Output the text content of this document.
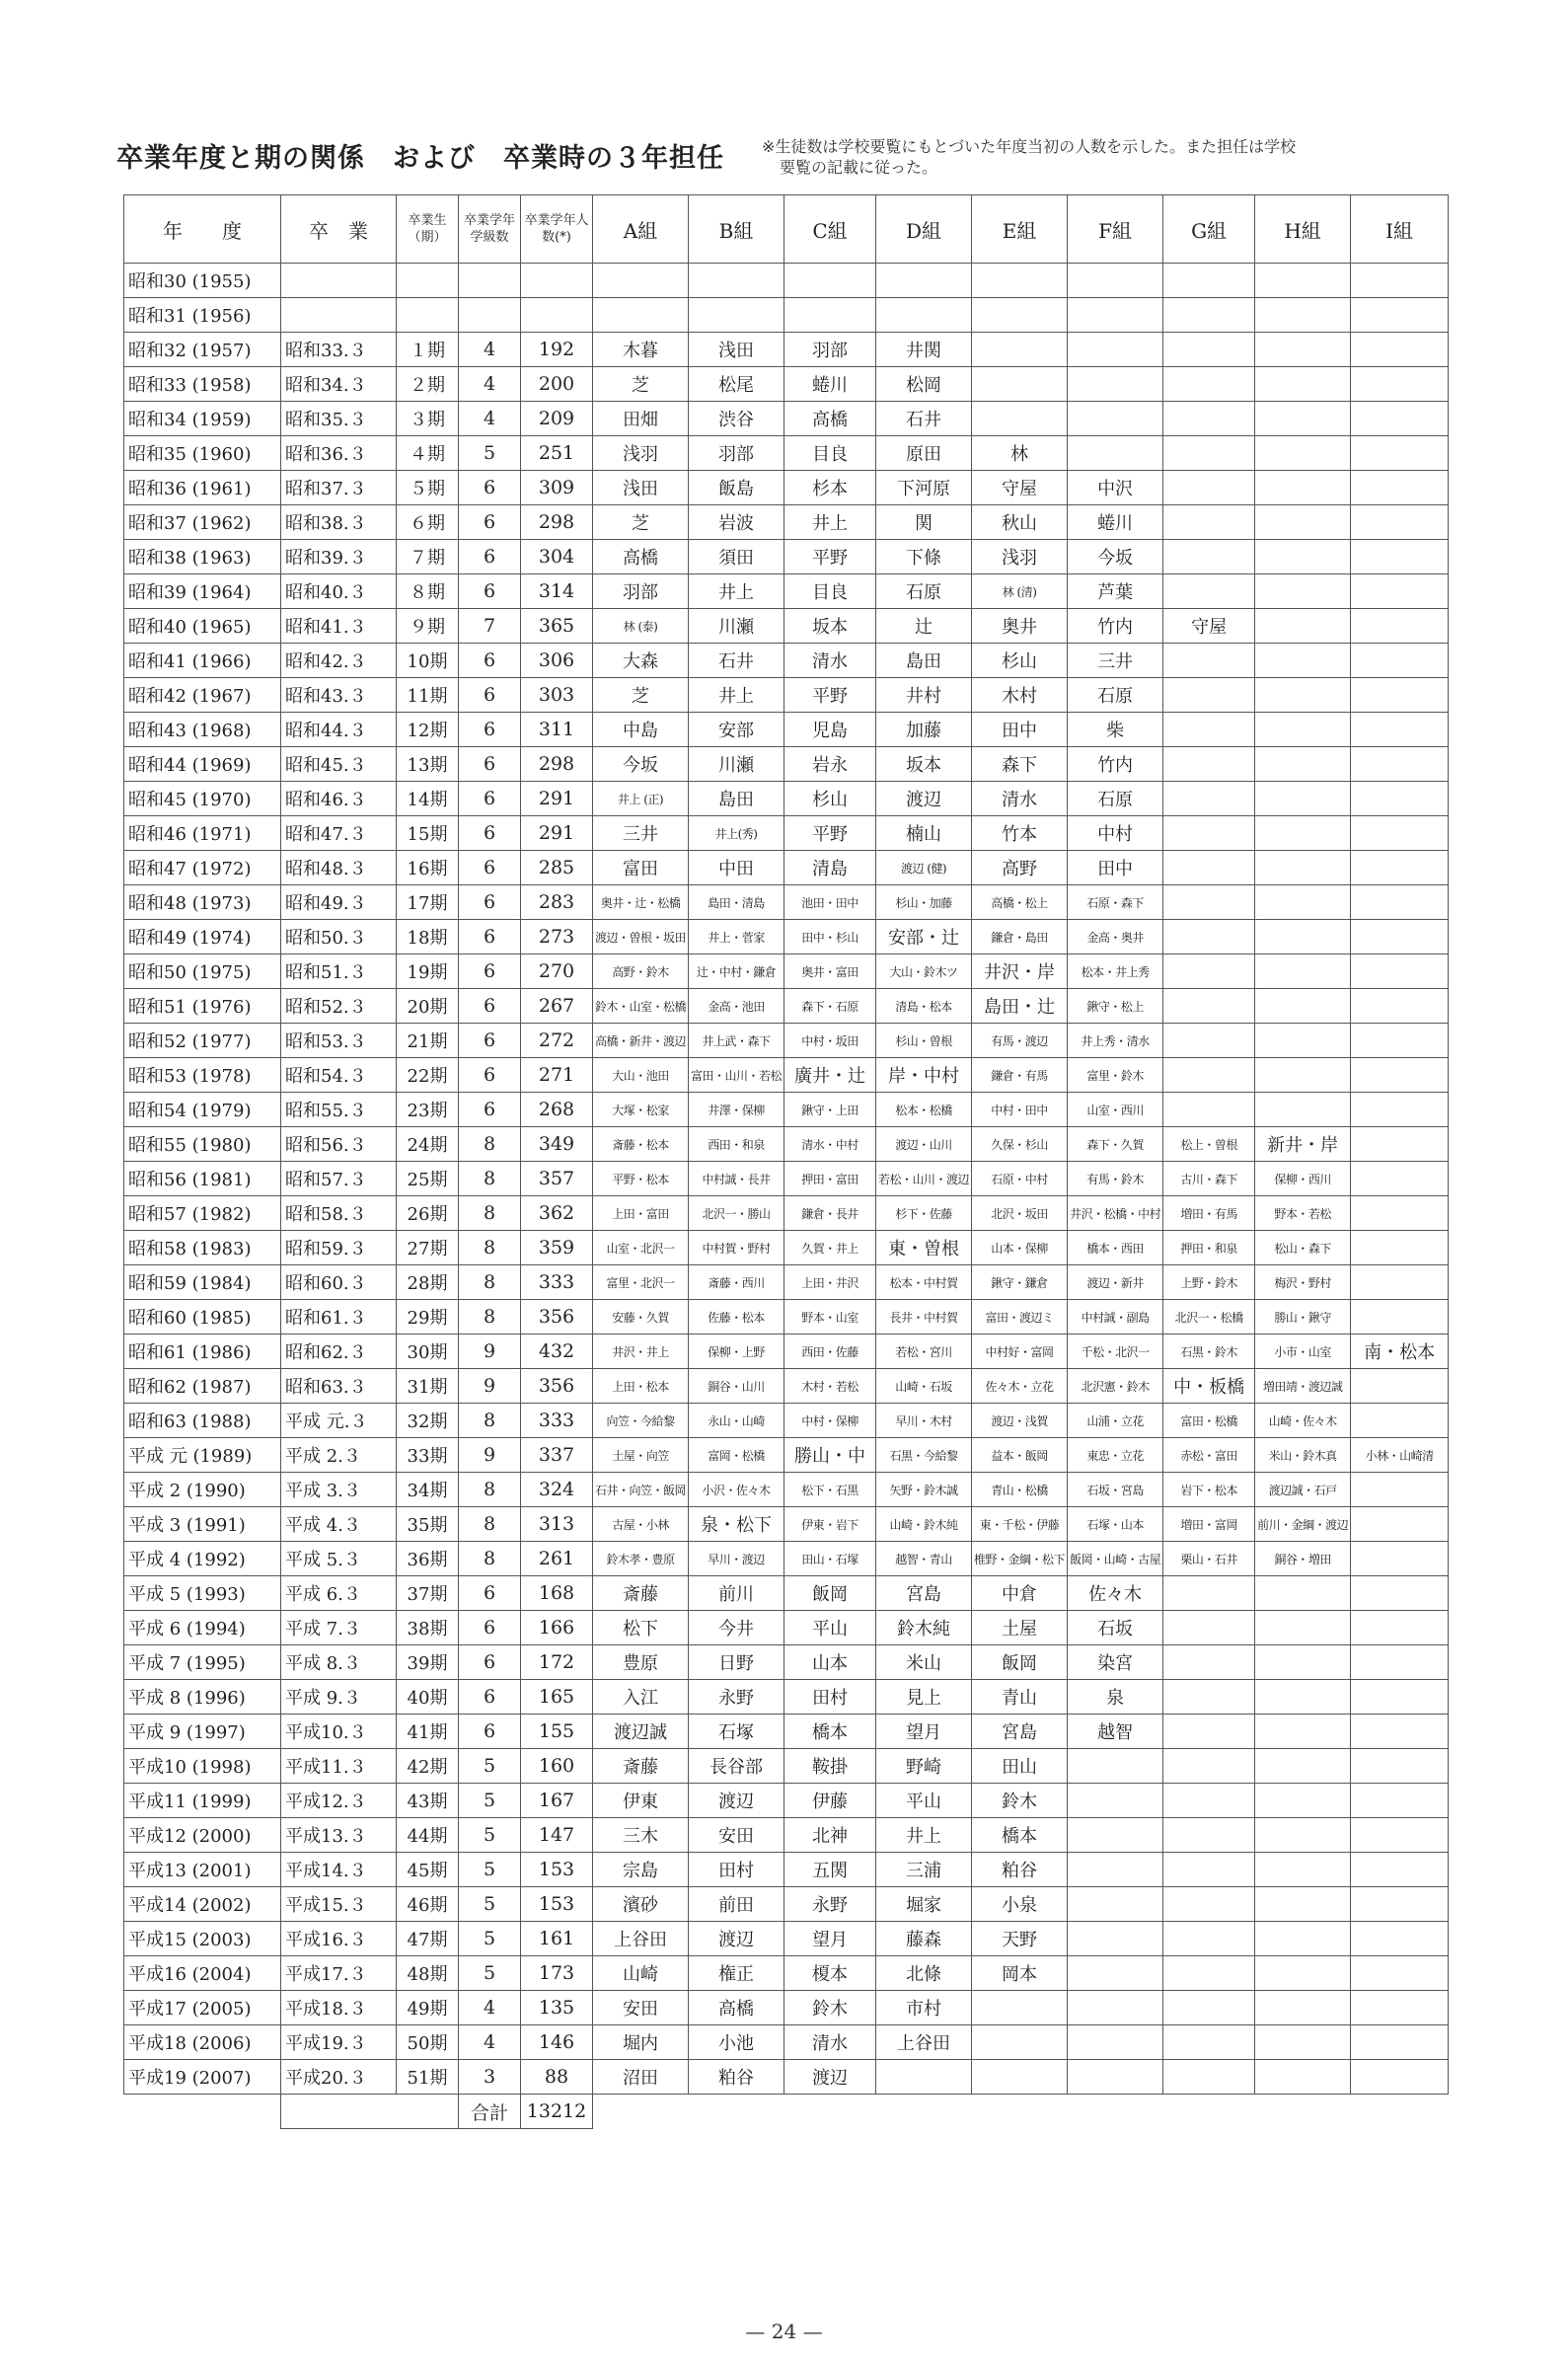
卒業年度と期の関係　および　卒業時の３年担任 ※生徒数は学校要覧にもとづいた年度当初の人数を示した。また担任は学校
要覧の記載に従った。
年　　度	卒　業	卒業生（期）	卒業学年学級数	卒業学年人数(*)	A組	B組	C組	D組	E組	F組	G組	H組	I組
昭和30 (1955)													
昭和31 (1956)													
昭和32 (1957)	昭和33.３	１期	4	192	木暮	浅田	羽部	井関					
昭和33 (1958)	昭和34.３	２期	4	200	芝	松尾	蜷川	松岡					
昭和34 (1959)	昭和35.３	３期	4	209	田畑	渋谷	高橋	石井					
昭和35 (1960)	昭和36.３	４期	5	251	浅羽	羽部	目良	原田	林				
昭和36 (1961)	昭和37.３	５期	6	309	浅田	飯島	杉本	下河原	守屋	中沢			
昭和37 (1962)	昭和38.３	６期	6	298	芝	岩波	井上	関	秋山	蜷川			
昭和38 (1963)	昭和39.３	７期	6	304	高橋	須田	平野	下條	浅羽	今坂			
昭和39 (1964)	昭和40.３	８期	6	314	羽部	井上	目良	石原	林 (清)	芦葉			
昭和40 (1965)	昭和41.３	９期	7	365	林 (泰)	川瀬	坂本	辻	奥井	竹内	守屋		
昭和41 (1966)	昭和42.３	10期	6	306	大森	石井	清水	島田	杉山	三井			
昭和42 (1967)	昭和43.３	11期	6	303	芝	井上	平野	井村	木村	石原			
昭和43 (1968)	昭和44.３	12期	6	311	中島	安部	児島	加藤	田中	柴			
昭和44 (1969)	昭和45.３	13期	6	298	今坂	川瀬	岩永	坂本	森下	竹内			
昭和45 (1970)	昭和46.３	14期	6	291	井上 (正)	島田	杉山	渡辺	清水	石原			
昭和46 (1971)	昭和47.３	15期	6	291	三井	井上(秀)	平野	楠山	竹本	中村			
昭和47 (1972)	昭和48.３	16期	6	285	富田	中田	清島	渡辺 (健)	高野	田中			
昭和48 (1973)	昭和49.３	17期	6	283	奥井・辻・松橋	島田・清島	池田・田中	杉山・加藤	高橋・松上	石原・森下			
昭和49 (1974)	昭和50.３	18期	6	273	渡辺・曽根・坂田	井上・菅家	田中・杉山	安部・辻	鎌倉・島田	金高・奥井			
昭和50 (1975)	昭和51.３	19期	6	270	高野・鈴木	辻・中村・鎌倉	奥井・富田	大山・鈴木ツ	井沢・岸	松本・井上秀			
昭和51 (1976)	昭和52.３	20期	6	267	鈴木・山室・松橋	金高・池田	森下・石原	清島・松本	島田・辻	鍬守・松上			
昭和52 (1977)	昭和53.３	21期	6	272	高橋・新井・渡辺	井上武・森下	中村・坂田	杉山・曽根	有馬・渡辺	井上秀・清水			
昭和53 (1978)	昭和54.３	22期	6	271	大山・池田	富田・山川・若松	廣井・辻	岸・中村	鎌倉・有馬	富里・鈴木			
昭和54 (1979)	昭和55.３	23期	6	268	大塚・松家	井澤・保柳	鍬守・上田	松本・松橋	中村・田中	山室・西川			
昭和55 (1980)	昭和56.３	24期	8	349	斎藤・松本	西田・和泉	清水・中村	渡辺・山川	久保・杉山	森下・久賀	松上・曽根	新井・岸	
昭和56 (1981)	昭和57.３	25期	8	357	平野・松本	中村誠・長井	押田・富田	若松・山川・渡辺	石原・中村	有馬・鈴木	古川・森下	保柳・西川	
昭和57 (1982)	昭和58.３	26期	8	362	上田・富田	北沢一・勝山	鎌倉・長井	杉下・佐藤	北沢・坂田	井沢・松橋・中村	増田・有馬	野本・若松	
昭和58 (1983)	昭和59.３	27期	8	359	山室・北沢一	中村賀・野村	久賀・井上	東・曽根	山本・保柳	橋本・西田	押田・和泉	松山・森下	
昭和59 (1984)	昭和60.３	28期	8	333	富里・北沢一	斎藤・西川	上田・井沢	松本・中村賀	鍬守・鎌倉	渡辺・新井	上野・鈴木	梅沢・野村	
昭和60 (1985)	昭和61.３	29期	8	356	安藤・久賀	佐藤・松本	野本・山室	長井・中村賀	富田・渡辺ミ	中村誠・副島	北沢一・松橋	勝山・鍬守	
昭和61 (1986)	昭和62.３	30期	9	432	井沢・井上	保柳・上野	西田・佐藤	若松・宮川	中村好・富岡	千松・北沢一	石黒・鈴木	小市・山室	南・松本
昭和62 (1987)	昭和63.３	31期	9	356	上田・松本	銅谷・山川	木村・若松	山崎・石坂	佐々木・立花	北沢憲・鈴木	中・板橋	増田靖・渡辺誠	
昭和63 (1988)	平成 元.３	32期	8	333	向笠・今給黎	永山・山崎	中村・保柳	早川・木村	渡辺・浅賀	山浦・立花	富田・松橋	山崎・佐々木	
平成 元 (1989)	平成 2.３	33期	9	337	土屋・向笠	富岡・松橋	勝山・中	石黒・今給黎	益本・飯岡	東忠・立花	赤松・富田	米山・鈴木真	小林・山崎清
平成 2 (1990)	平成 3.３	34期	8	324	石井・向笠・飯岡	小沢・佐々木	松下・石黒	矢野・鈴木誠	青山・松橋	石坂・宮島	岩下・松本	渡辺誠・石戸	
平成 3 (1991)	平成 4.３	35期	8	313	古屋・小林	泉・松下	伊東・岩下	山崎・鈴木純	東・千松・伊藤	石塚・山本	増田・富岡	前川・金綱・渡辺	
平成 4 (1992)	平成 5.３	36期	8	261	鈴木孝・豊原	早川・渡辺	田山・石塚	越智・青山	椎野・金綱・松下	飯岡・山崎・古屋	栗山・石井	銅谷・増田	
平成 5 (1993)	平成 6.３	37期	6	168	斎藤	前川	飯岡	宮島	中倉	佐々木			
平成 6 (1994)	平成 7.３	38期	6	166	松下	今井	平山	鈴木純	土屋	石坂			
平成 7 (1995)	平成 8.３	39期	6	172	豊原	日野	山本	米山	飯岡	染宮			
平成 8 (1996)	平成 9.３	40期	6	165	入江	永野	田村	見上	青山	泉			
平成 9 (1997)	平成10.３	41期	6	155	渡辺誠	石塚	橋本	望月	宮島	越智			
平成10 (1998)	平成11.３	42期	5	160	斎藤	長谷部	鞍掛	野崎	田山				
平成11 (1999)	平成12.３	43期	5	167	伊東	渡辺	伊藤	平山	鈴木				
平成12 (2000)	平成13.３	44期	5	147	三木	安田	北神	井上	橋本				
平成13 (2001)	平成14.３	45期	5	153	宗島	田村	五関	三浦	粕谷				
平成14 (2002)	平成15.３	46期	5	153	濱砂	前田	永野	堀家	小泉				
平成15 (2003)	平成16.３	47期	5	161	上谷田	渡辺	望月	藤森	天野				
平成16 (2004)	平成17.３	48期	5	173	山崎	権正	榎本	北條	岡本				
平成17 (2005)	平成18.３	49期	4	135	安田	高橋	鈴木	市村					
平成18 (2006)	平成19.３	50期	4	146	堀内	小池	清水	上谷田					
平成19 (2007)	平成20.３	51期	3	88	沼田	粕谷	渡辺						
			合計	13212									
— 24 —
